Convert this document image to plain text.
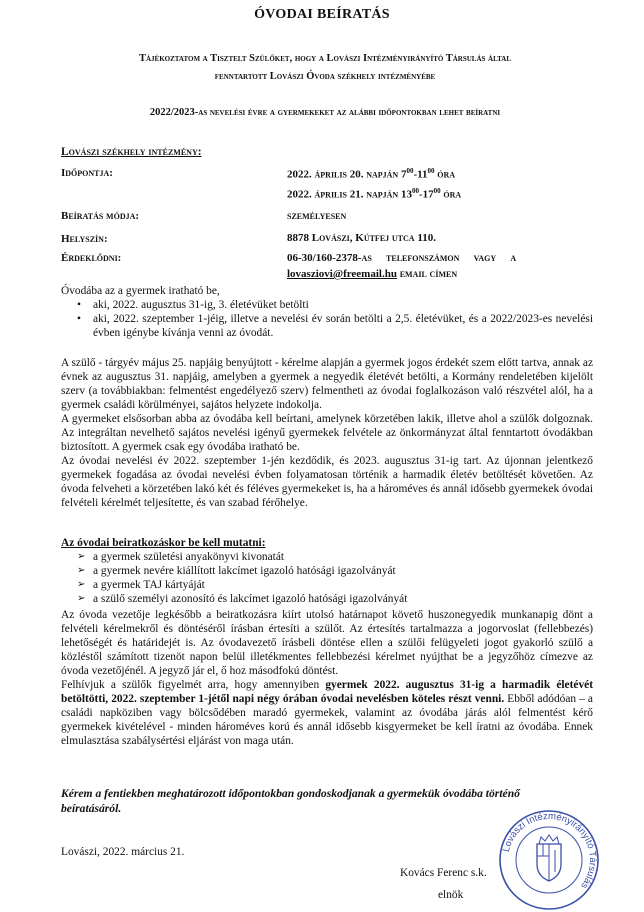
ÓVODAI BEÍRATÁS
Tájékoztatom a Tisztelt Szülőket, hogy a Lovászi Intézményirányító Társulás által
fenntartott Lovászi Óvoda székhely intézményébe
2022/2023-as nevelési évre a gyermekeket az alábbi időpontokban lehet beíratni
Lovászi székhely intézmény:
Időpontja:	2022. április 20. napján $7^{00}-11^{00}$ óra
2022. április 21. napján $13^{00}-17^{00}$ óra
Beíratás módja:	személyesen
Helyszín:	8878 Lovászi, Kútfej utca 110.
Érdeklődni:	06-30/160-2378-as   telefonszámon   vagy   a
lovasziovi@freemail.hu email címen

Óvodába az a gyermek iratható be,

• aki, 2022. augusztus 31-ig, 3. életévüket betölti
• aki, 2022. szeptember 1-jéig, illetve a nevelési év során betölti a 2,5. életévüket, és a 2022/2023-es nevelési évben igénybe kívánja venni az óvodát.
A szülő - tárgyév május 25. napjáig benyújtott - kérelme alapján a gyermek jogos érdekét szem előtt tartva, annak az évnek az augusztus 31. napjáig, amelyben a gyermek a negyedik életévét betölti, a Kormány rendeletében kijelölt szerv (a továbbiakban: felmentést engedélyező szerv) felmentheti az óvodai foglalkozáson való részvétel alól, ha a gyermek családi körülményei, sajátos helyzete indokolja.
A gyermeket elsősorban abba az óvodába kell beírtani, amelynek körzetében lakik, illetve ahol a szülők dolgoznak. Az integráltan nevelhető sajátos nevelési igényű gyermekek felvétele az önkormányzat által fenntartott óvodákban biztosított. A gyermek csak egy óvodába iratható be.
Az óvodai nevelési év 2022. szeptember 1-jén kezdődik, és 2023. augusztus 31-ig tart. Az újonnan jelentkező gyermekek fogadása az óvodai nevelési évben folyamatosan történik a harmadik életév betöltését követően. Az óvoda felveheti a körzetében lakó két és féléves gyermekeket is, ha a hároméves és annál idősebb gyermekek óvodai felvételi kérelmét teljesítette, és van szabad férőhelye.

Az óvodai beiratkozáskor be kell mutatni:

➢ a gyermek születési anyakönyvi kivonatát
➢ a gyermek nevére kiállított lakcímet igazoló hatósági igazolványát
➢ a gyermek TAJ kártyáját
➢ a szülő személyi azonosító és lakcímet igazoló hatósági igazolványát
Az óvoda vezetője legkésőbb a beiratkozásra kiírt utolsó határnapot követő huszonegyedik munkanapig dönt a felvételi kérelmekről és döntéséről írásban értesíti a szülőt. Az értesítés tartalmazza a jogorvoslat (fellebbezés) lehetőségét és határidejét is. Az óvodavezető írásbeli döntése ellen a szülői felügyeleti jogot gyakorló szülő a közléstől számított tizenöt napon belül illetékmentes fellebbezési kérelmet nyújthat be a jegyzőhöz címezve az óvoda vezetőjénél. A jegyző jár el, ő hoz másodfokú döntést.
Felhívjuk a szülők figyelmét arra, hogy amennyiben gyermek 2022. augusztus 31-ig a harmadik életévét betöltötti, 2022. szeptember 1-jétől napi négy órában óvodai nevelésben köteles részt venni. Ebből adódóan – a családi napköziben vagy bölcsődében maradó gyermekek, valamint az óvodába járás alól felmentést kérő gyermekek kivételével - minden hároméves korú és annál idősebb kisgyermeket be kell íratni az óvodába. Ennek elmulasztása szabálysértési eljárást von maga után.
Kérem a fentiekben meghatározott időpontokban gondoskodjanak a gyermekük óvodába történő beíratásáról.
Lovászi, 2022. március 21.	Lovászi Intézményirányító Társulás
Kovács Ferenc s.k.
elnök
